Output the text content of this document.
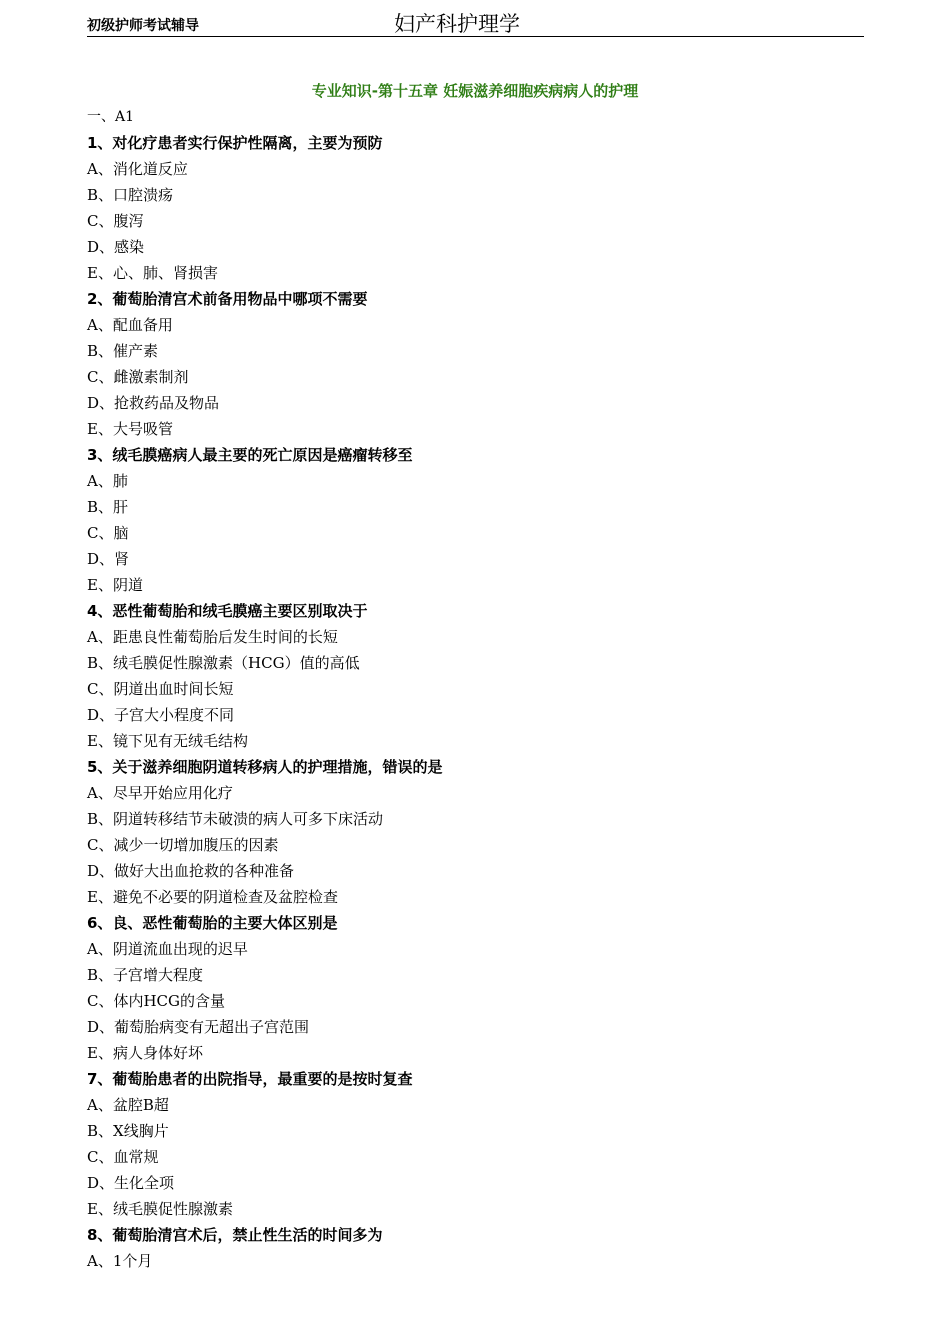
初级护师考试辅导	妇产科护理学
专业知识-第十五章 妊娠滋养细胞疾病病人的护理
一、A1
1、对化疗患者实行保护性隔离，主要为预防
A、消化道反应
B、口腔溃疡
C、腹泻
D、感染
E、心、肺、肾损害
2、葡萄胎清宫术前备用物品中哪项不需要
A、配血备用
B、催产素
C、雌激素制剂
D、抢救药品及物品
E、大号吸管
3、绒毛膜癌病人最主要的死亡原因是癌瘤转移至
A、肺
B、肝
C、脑
D、肾
E、阴道
4、恶性葡萄胎和绒毛膜癌主要区别取决于
A、距患良性葡萄胎后发生时间的长短
B、绒毛膜促性腺激素（HCG）值的高低
C、阴道出血时间长短
D、子宫大小程度不同
E、镜下见有无绒毛结构
5、关于滋养细胞阴道转移病人的护理措施，错误的是
A、尽早开始应用化疗
B、阴道转移结节未破溃的病人可多下床活动
C、减少一切增加腹压的因素
D、做好大出血抢救的各种准备
E、避免不必要的阴道检查及盆腔检查
6、良、恶性葡萄胎的主要大体区别是
A、阴道流血出现的迟早
B、子宫增大程度
C、体内HCG的含量
D、葡萄胎病变有无超出子宫范围
E、病人身体好坏
7、葡萄胎患者的出院指导，最重要的是按时复查
A、盆腔B超
B、X线胸片
C、血常规
D、生化全项
E、绒毛膜促性腺激素
8、葡萄胎清宫术后，禁止性生活的时间多为
A、1个月
